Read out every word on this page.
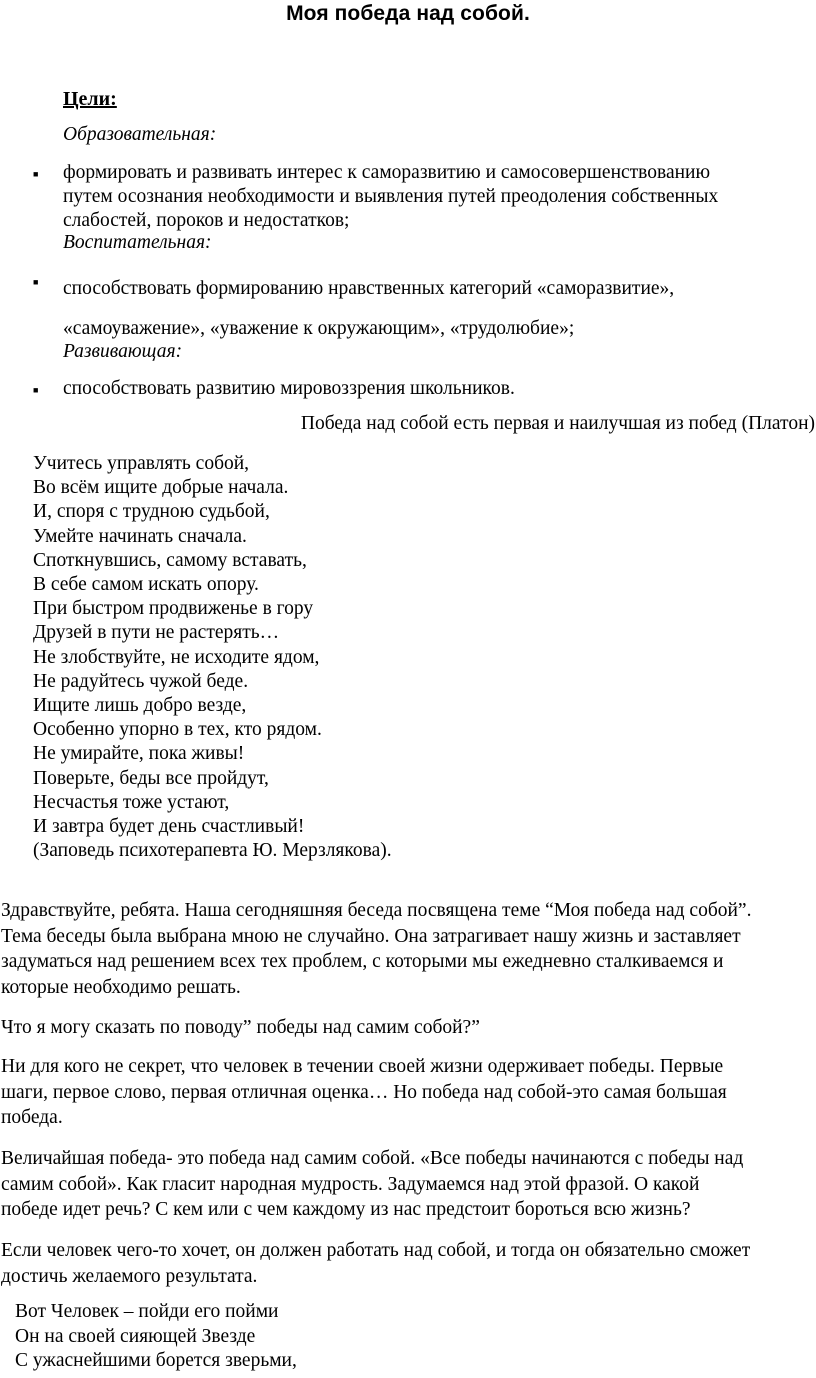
Моя победа над собой.
Цели:
Образовательная:
■ формировать и развивать интерес к саморазвитию и самосовершенствованию
путем осознания необходимости и выявления путей преодоления собственных
слабостей, пороков и недостатков;
Воспитательная:
■ способствовать формированию нравственных категорий «саморазвитие»,
«самоуважение», «уважение к окружающим», «трудолюбие»;
Развивающая:
■ способствовать развитию мировоззрения школьников.
Победа над собой есть первая и наилучшая из побед (Платон)
Учитесь управлять собой,
Во всём ищите добрые начала.
И, споря с трудною судьбой,
Умейте начинать сначала.
Споткнувшись, самому вставать,
В себе самом искать опору.
При быстром продвиженье в гору
Друзей в пути не растерять…
Не злобствуйте, не исходите ядом,
Не радуйтесь чужой беде.
Ищите лишь добро везде,
Особенно упорно в тех, кто рядом.
Не умирайте, пока живы!
Поверьте, беды все пройдут,
Несчастья тоже устают,
И завтра будет день счастливый!
(Заповедь психотерапевта Ю. Мерзлякова).
Здравствуйте, ребята. Наша сегодняшняя беседа посвящена теме “Моя победа над собой”.
Тема беседы была выбрана мною не случайно. Она затрагивает нашу жизнь и заставляет
задуматься над решением всех тех проблем, с которыми мы ежедневно сталкиваемся и
которые необходимо решать.
Что я могу сказать по поводу” победы над самим собой?”
Ни для кого не секрет, что человек в течении своей жизни одерживает победы. Первые
шаги, первое слово, первая отличная оценка… Но победа над собой-это самая большая
победа.
Величайшая победа- это победа над самим собой. «Все победы начинаются с победы над
самим собой». Как гласит народная мудрость. Задумаемся над этой фразой. О какой
победе идет речь? С кем или с чем каждому из нас предстоит бороться всю жизнь?
Если человек чего-то хочет, он должен работать над собой, и тогда он обязательно сможет
достичь желаемого результата.
Вот Человек – пойди его пойми
Он на своей сияющей Звезде
С ужаснейшими борется зверьми,
